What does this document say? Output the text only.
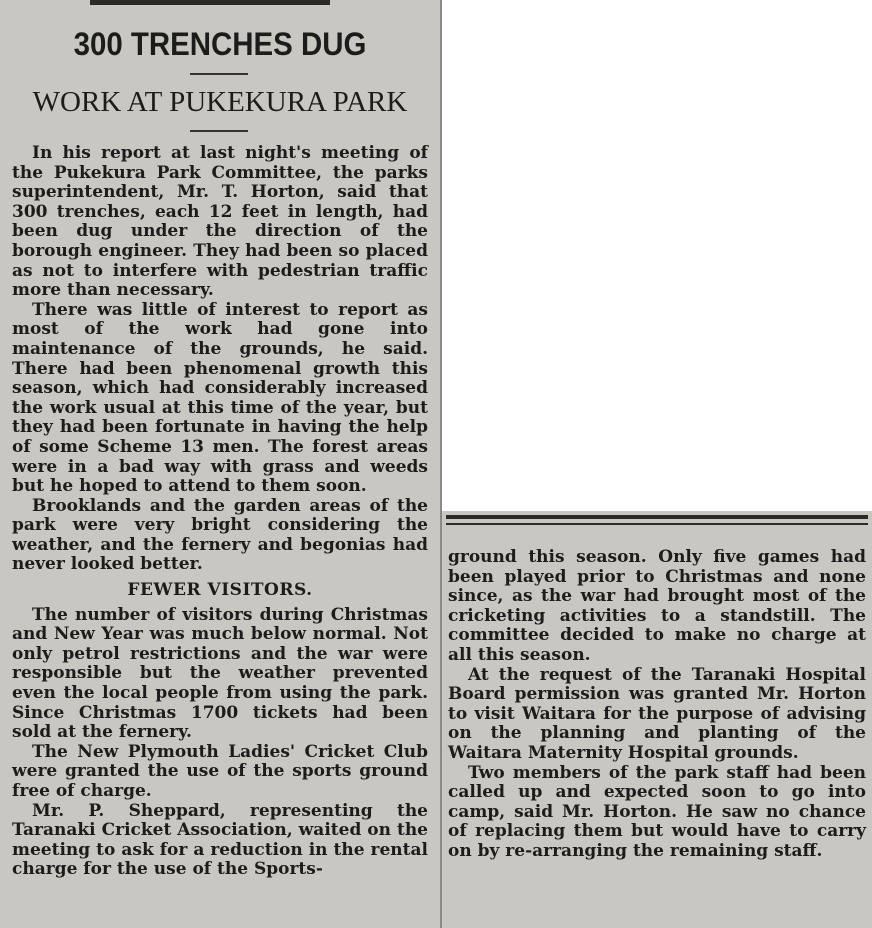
300 TRENCHES DUG
WORK AT PUKEKURA PARK

In his report at last night's meeting of the Pukekura Park Committee, the parks superintendent, Mr. T. Horton, said that 300 trenches, each 12 feet in length, had been dug under the direction of the borough engineer. They had been so placed as not to interfere with pedestrian traffic more than necessary.

There was little of interest to report as most of the work had gone into maintenance of the grounds, he said. There had been phenomenal growth this season, which had considerably increased the work usual at this time of the year, but they had been fortunate in having the help of some Scheme 13 men. The forest areas were in a bad way with grass and weeds but he hoped to attend to them soon.

Brooklands and the garden areas of the park were very bright considering the weather, and the fernery and begonias had never looked better.

FEWER VISITORS.

The number of visitors during Christmas and New Year was much below normal. Not only petrol restrictions and the war were responsible but the weather prevented even the local people from using the park. Since Christmas 1700 tickets had been sold at the fernery.

The New Plymouth Ladies' Cricket Club were granted the use of the sports ground free of charge.

Mr. P. Sheppard, representing the Taranaki Cricket Association, waited on the meeting to ask for a reduction in the rental charge for the use of the Sports-

ground this season. Only five games had been played prior to Christmas and none since, as the war had brought most of the cricketing activities to a standstill. The committee decided to make no charge at all this season.

At the request of the Taranaki Hospital Board permission was granted Mr. Horton to visit Waitara for the purpose of advising on the planning and planting of the Waitara Maternity Hospital grounds.

Two members of the park staff had been called up and expected soon to go into camp, said Mr. Horton. He saw no chance of replacing them but would have to carry on by re-arranging the remaining staff.
